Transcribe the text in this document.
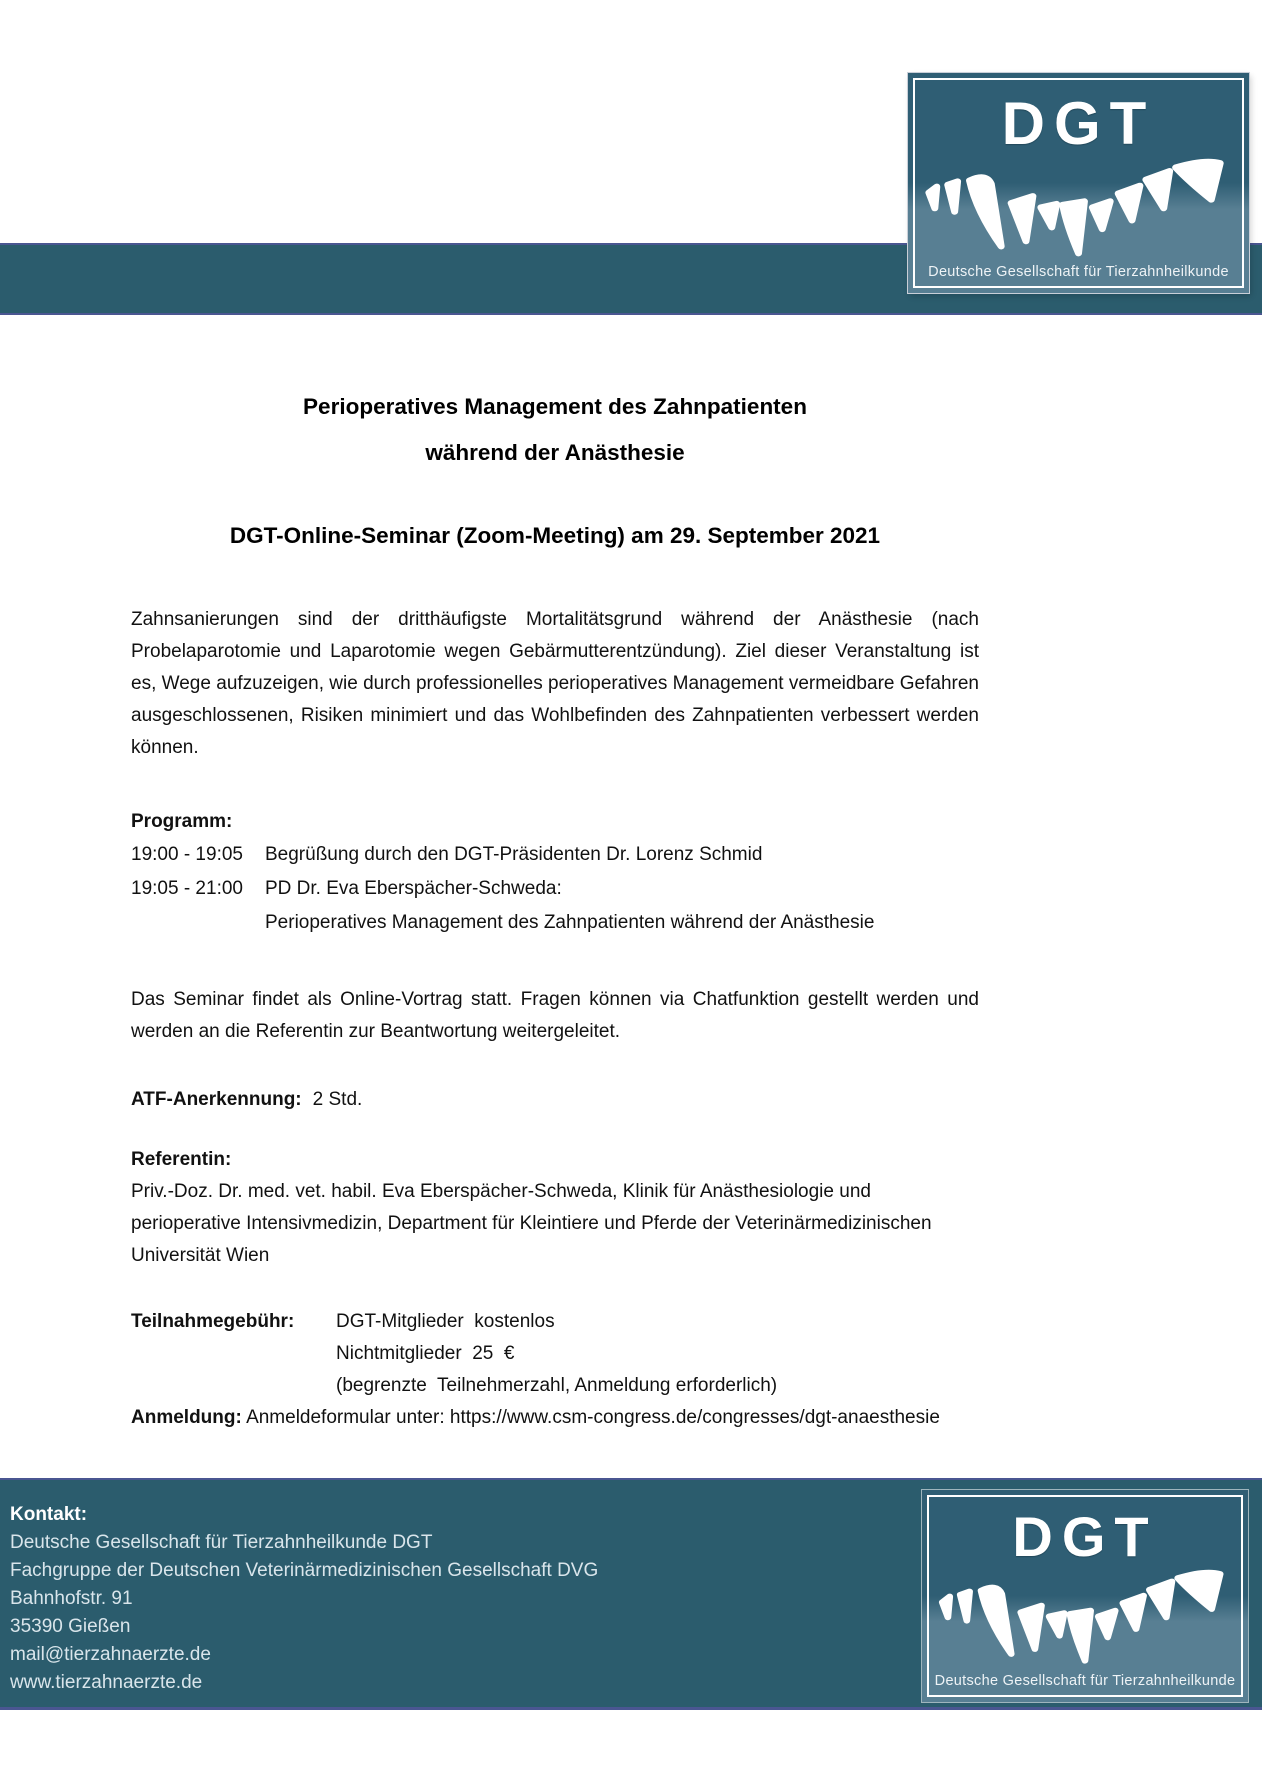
DGT
Deutsche Gesellschaft für Tierzahnheilkunde
Perioperatives Management des Zahnpatienten
während der Anästhesie
DGT-Online-Seminar (Zoom-Meeting) am 29. September 2021

Zahnsanierungen sind der dritthäufigste Mortalitätsgrund während der Anästhesie (nach Probelaparotomie und Laparotomie wegen Gebärmutterentzündung). Ziel dieser Veranstaltung ist es, Wege aufzuzeigen, wie durch professionelles perioperatives Management vermeidbare Gefahren ausgeschlossenen, Risiken minimiert und das Wohlbefinden des Zahnpatienten verbessert werden können.

Programm:
19:00 - 19:05 Begrüßung durch den DGT-Präsidenten Dr. Lorenz Schmid
19:05 - 21:00 PD Dr. Eva Eberspächer-Schweda:
Perioperatives Management des Zahnpatienten während der Anästhesie

Das Seminar findet als Online-Vortrag statt. Fragen können via Chatfunktion gestellt werden und werden an die Referentin zur Beantwortung weitergeleitet.

ATF-Anerkennung: 2 Std.
Referentin:
Priv.-Doz. Dr. med. vet. habil. Eva Eberspächer-Schweda, Klinik für Anästhesiologie und perioperative Intensivmedizin, Department für Kleintiere und Pferde der Veterinärmedizinischen Universität Wien
Teilnahmegebühr:	DGT-Mitglieder  kostenlos
Nichtmitglieder  25  €
(begrenzte  Teilnehmerzahl, Anmeldung erforderlich)
Anmeldung: Anmeldeformular unter: https://www.csm-congress.de/congresses/dgt-anaesthesie
Kontakt:
Deutsche Gesellschaft für Tierzahnheilkunde DGT
Fachgruppe der Deutschen Veterinärmedizinischen Gesellschaft DVG
Bahnhofstr. 91
35390 Gießen
mail@tierzahnaerzte.de
www.tierzahnaerzte.de
DGT
Deutsche Gesellschaft für Tierzahnheilkunde
